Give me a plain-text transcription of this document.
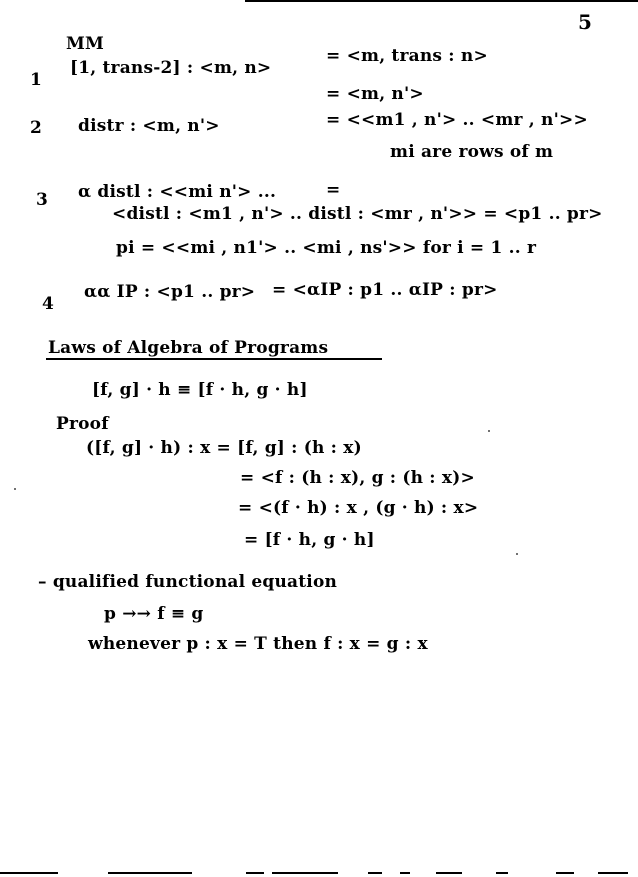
5
MM
1
[1, trans-2] : <m, n>
= <m, trans : n>
= <m, n'>
2 distr : <m, n'>	= <<m1 , n'> .. <mr , n'>>
mi are rows of m
3 α distl : <<mi n'> ...	=
<distl : <m1 , n'> .. distl : <mr , n'>> = <p1 .. pr>
pi = <<mi , n1'> .. <mi , ns'>> for i = 1 .. r
4
αα IP : <p1 .. pr> = <αIP : p1 .. αIP : pr>
Laws of Algebra of Programs
[f, g] · h ≡ [f · h, g · h]
Proof
([f, g] · h) : x = [f, g] : (h : x)
= <f : (h : x), g : (h : x)>
= <(f · h) : x , (g · h) : x>
= [f · h, g · h]
– qualified functional equation
p →→ f ≡ g
whenever p : x = T then f : x = g : x
